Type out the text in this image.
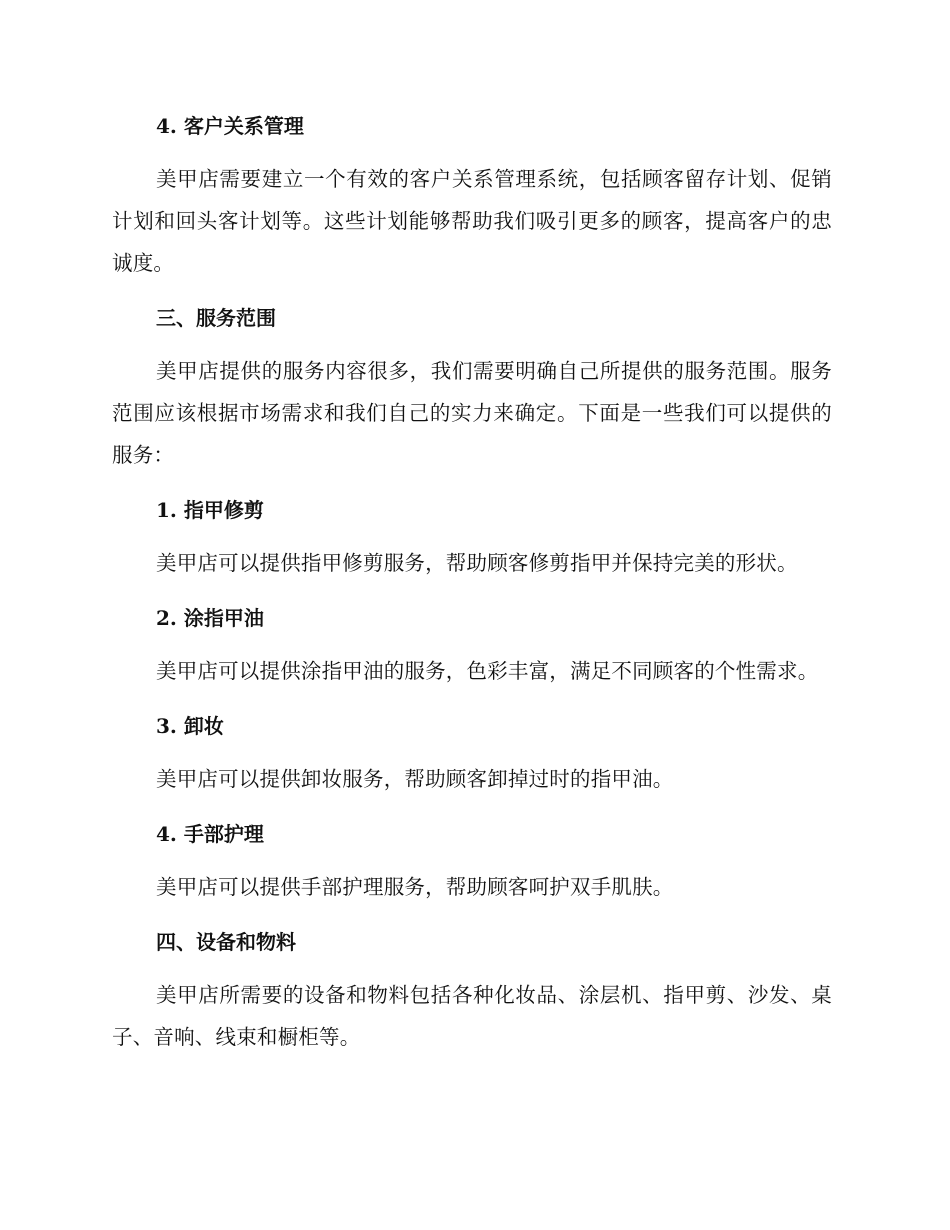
4. 客户关系管理

美甲店需要建立一个有效的客户关系管理系统，包括顾客留存计划、促销计划和回头客计划等。这些计划能够帮助我们吸引更多的顾客，提高客户的忠诚度。

三、服务范围

美甲店提供的服务内容很多，我们需要明确自己所提供的服务范围。服务范围应该根据市场需求和我们自己的实力来确定。下面是一些我们可以提供的服务：

1. 指甲修剪

美甲店可以提供指甲修剪服务，帮助顾客修剪指甲并保持完美的形状。

2. 涂指甲油

美甲店可以提供涂指甲油的服务，色彩丰富，满足不同顾客的个性需求。

3. 卸妆

美甲店可以提供卸妆服务，帮助顾客卸掉过时的指甲油。

4. 手部护理

美甲店可以提供手部护理服务，帮助顾客呵护双手肌肤。

四、设备和物料

美甲店所需要的设备和物料包括各种化妆品、涂层机、指甲剪、沙发、桌子、音响、线束和橱柜等。
